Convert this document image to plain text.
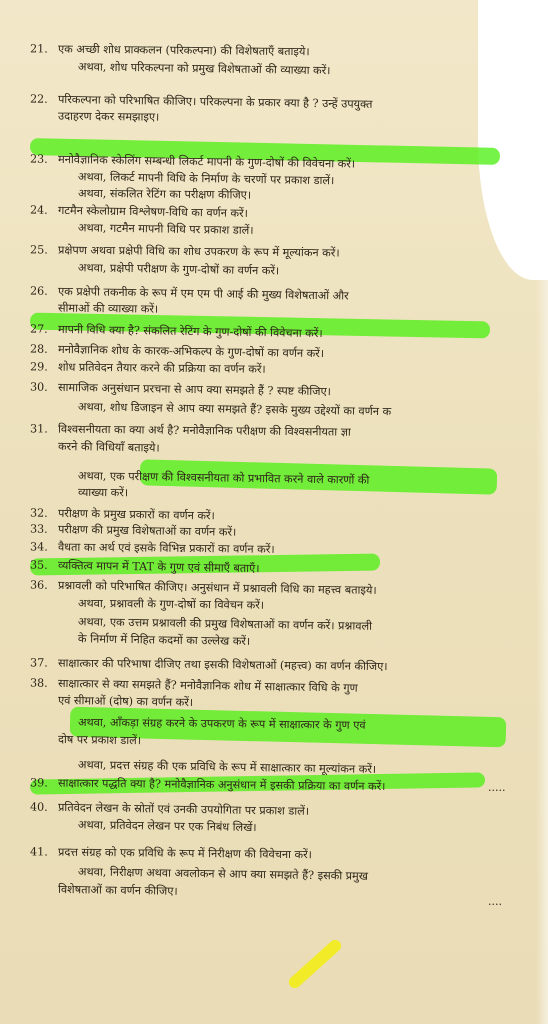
21. एक अच्छी शोध प्राक्कलन (परिकल्पना) की विशेषताएँ बताइये।
अथवा, शोध परिकल्पना को प्रमुख विशेषताओं की व्याख्या करें।
22. परिकल्पना को परिभाषित कीजिए। परिकल्पना के प्रकार क्या है ? उन्हें उपयुक्त
उदाहरण देकर समझाइए।
23. मनोवैज्ञानिक स्केलिंग सम्बन्धी लिकर्ट मापनी के गुण-दोषों की विवेचना करें।
अथवा, लिकर्ट मापनी विधि के निर्माण के चरणों पर प्रकाश डालें।
अथवा, संकलित रेटिंग का परीक्षण कीजिए।
24. गटमैन स्केलोग्राम विश्लेषण-विधि का वर्णन करें।
अथवा, गटमैन मापनी विधि पर प्रकाश डालें।
25. प्रक्षेपण अथवा प्रक्षेपी विधि का शोध उपकरण के रूप में मूल्यांकन करें।
अथवा, प्रक्षेपी परीक्षण के गुण-दोषों का वर्णन करें।
26. एक प्रक्षेपी तकनीक के रूप में एम एम पी आई की मुख्य विशेषताओं और
सीमाओं की व्याख्या करें।
27. मापनी विधि क्या है? संकलित रेटिंग के गुण-दोषों की विवेचना करें।
28. मनोवैज्ञानिक शोध के कारक-अभिकल्प के गुण-दोषों का वर्णन करें।
29. शोध प्रतिवेदन तैयार करने की प्रक्रिया का वर्णन करें।
30. सामाजिक अनुसंधान प्ररचना से आप क्या समझते हैं ? स्पष्ट कीजिए।
अथवा, शोध डिजाइन से आप क्या समझते हैं? इसके मुख्य उद्देश्यों का वर्णन क
31. विश्वसनीयता का क्या अर्थ है? मनोवैज्ञानिक परीक्षण की विश्वसनीयता ज्ञा
करने की विधियाँ बताइये।
अथवा, एक परीक्षण की विश्वसनीयता को प्रभावित करने वाले कारणों की
व्याख्या करें।
32. परीक्षण के प्रमुख प्रकारों का वर्णन करें।
33. परीक्षण की प्रमुख विशेषताओं का वर्णन करें।
34. वैधता का अर्थ एवं इसके विभिन्न प्रकारों का वर्णन करें।
35. व्यक्तित्व मापन में TAT के गुण एवं सीमाएँ बताएँ।
36. प्रश्नावली को परिभाषित कीजिए। अनुसंधान में प्रश्नावली विधि का महत्त्व बताइये।
अथवा, प्रश्नावली के गुण-दोषों का विवेचन करें।
अथवा, एक उत्तम प्रश्नावली की प्रमुख विशेषताओं का वर्णन करें। प्रश्नावली
के निर्माण में निहित कदमों का उल्लेख करें।
37. साक्षात्कार की परिभाषा दीजिए तथा इसकी विशेषताओं (महत्त्व) का वर्णन कीजिए।
38. साक्षात्कार से क्या समझते हैं? मनोवैज्ञानिक शोध में साक्षात्कार विधि के गुण
एवं सीमाओं (दोष) का वर्णन करें।
अथवा, आँकड़ा संग्रह करने के उपकरण के रूप में साक्षात्कार के गुण एवं
दोष पर प्रकाश डालें।
अथवा, प्रदत्त संग्रह की एक प्रविधि के रूप में साक्षात्कार का मूल्यांकन करें।
39. साक्षात्कार पद्धति क्या है? मनोवैज्ञानिक अनुसंधान में इसकी प्रक्रिया का वर्णन करें।
40. प्रतिवेदन लेखन के स्रोतों एवं उनकी उपयोगिता पर प्रकाश डालें।
अथवा, प्रतिवेदन लेखन पर एक निबंध लिखें।
41. प्रदत्त संग्रह को एक प्रविधि के रूप में निरीक्षण की विवेचना करें।
अथवा, निरीक्षण अथवा अवलोकन से आप क्या समझते हैं? इसकी प्रमुख
विशेषताओं का वर्णन कीजिए।
.....
....
